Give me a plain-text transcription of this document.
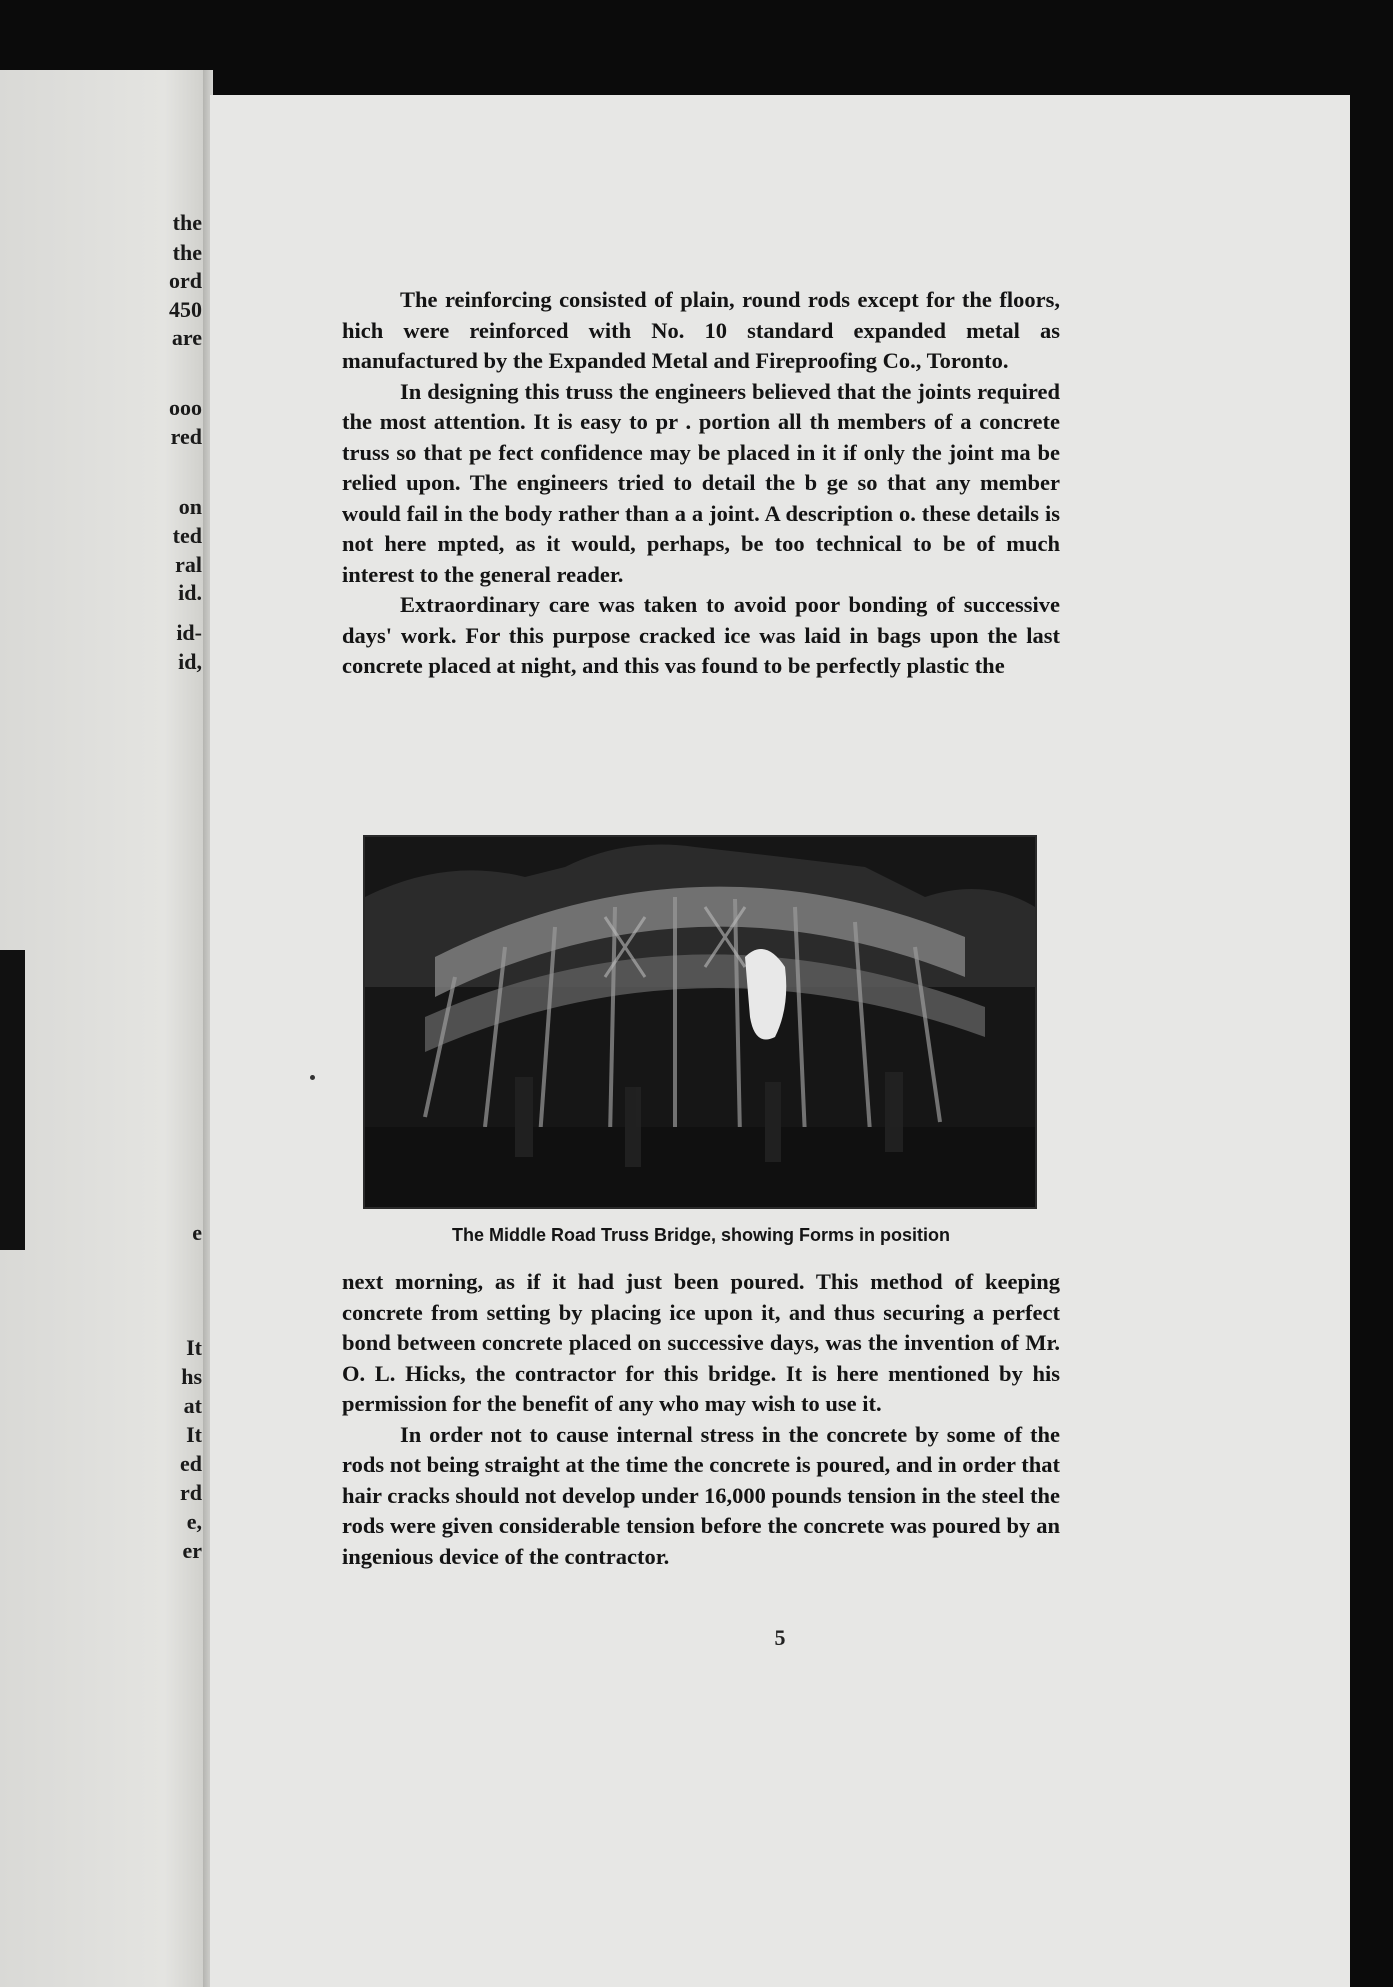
the

the

ord

450

are

ooo

red

on

ted

ral

id.

id-

id,

e

It

hs

at

It

ed

rd

e,

er

The reinforcing consisted of plain, round rods except for the floors, hich were reinforced with No. 10 standard expanded metal as manufactured by the Expanded Metal and Fireproofing Co., Toronto.

In designing this truss the engineers believed that the joints required the most attention. It is easy to pr . portion all th members of a concrete truss so that pe fect confidence may be placed in it if only the joint ma be relied upon. The engineers tried to detail the b ge so that any member would fail in the body rather than a a joint. A description o. these details is not here mpted, as it would, perhaps, be too technical to be of much interest to the general reader.

Extraordinary care was taken to avoid poor bonding of successive days' work. For this purpose cracked ice was laid in bags upon the last concrete placed at night, and this vas found to be perfectly plastic the

The Middle Road Truss Bridge, showing Forms in position

next morning, as if it had just been poured. This method of keeping concrete from setting by placing ice upon it, and thus securing a perfect bond between concrete placed on successive days, was the invention of Mr. O. L. Hicks, the contractor for this bridge. It is here mentioned by his permission for the benefit of any who may wish to use it.

In order not to cause internal stress in the concrete by some of the rods not being straight at the time the concrete is poured, and in order that hair cracks should not develop under 16,000 pounds tension in the steel the rods were given considerable tension before the concrete was poured by an ingenious device of the contractor.

5
